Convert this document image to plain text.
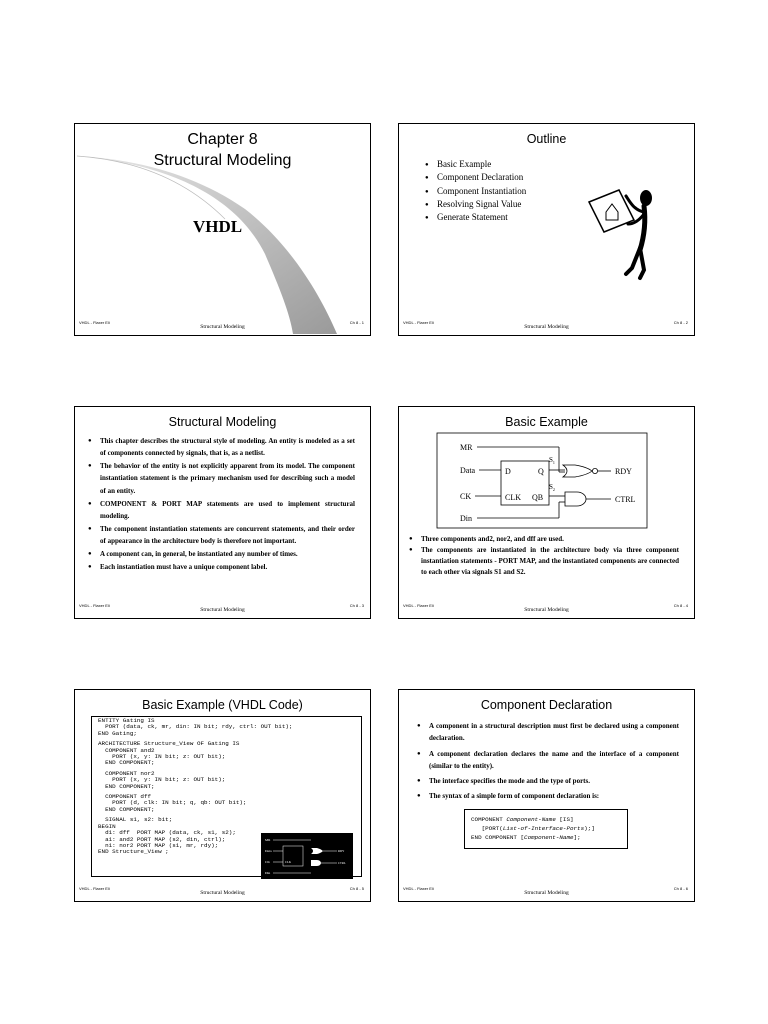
Chapter 8
Structural Modeling
VHDL
VHDL - Flaxer Eli
Structural Modeling
Ch 8 - 1
Outline
● Basic Example
● Component Declaration
● Component Instantiation
● Resolving Signal Value
● Generate Statement
VHDL - Flaxer Eli
Structural Modeling
Ch 8 - 2
Structural Modeling
● This chapter describes the structural style of modeling. An entity is modeled as a set of components connected by signals, that is, as a netlist.
● The behavior of the entity is not explicitly apparent from its model. The component instantiation statement is the primary mechanism used for describing such a model of an entity.
● COMPONENT & PORT MAP statements are used to implement structural modeling.
● The component instantiation statements are concurrent statements, and their order of appearance in the architecture body is therefore not important.
● A component can, in general, be instantiated any number of times.
● Each instantiation must have a unique component label.
VHDL - Flaxer Eli
Structural Modeling
Ch 8 - 3
Basic Example
MR
Data
CK
Din
D	Q
CLK QB
$S_1$
$S_2$
RDY
CTRL
● Three components and2, nor2, and dff are used.
● The components are instantiated in the architecture body via three component instantiation statements - PORT MAP, and the instantiated components are connected to each other via signals S1 and S2.
VHDL - Flaxer Eli
Structural Modeling
Ch 8 - 4
Basic Example (VHDL Code)
ENTITY Gating IS
PORT (data, ck, mr, din: IN bit; rdy, ctrl: OUT bit);
END Gating;
ARCHITECTURE Structure_View OF Gating IS
COMPONENT and2
PORT (x, y: IN bit; z: OUT bit);
END COMPONENT;
COMPONENT nor2
PORT (x, y: IN bit; z: OUT bit);
END COMPONENT;
COMPONENT dff
PORT (d, clk: IN bit; q, qb: OUT bit);
END COMPONENT;
SIGNAL s1, s2: bit;
BEGIN
d1: dff  PORT MAP (data, ck, s1, s2);
a1: and2 PORT MAP (s2, din, ctrl);
n1: nor2 PORT MAP (s1, mr, rdy);
END Structure_View ;
MR
Data
CK
Din
CLK
RDY
CTRL
VHDL - Flaxer Eli
Structural Modeling
Ch 8 - 5
Component Declaration
● A component in a structural description must first be declared using a component declaration.
● A component declaration declares the name and the interface of a component (similar to the entity).
● The interface specifies the mode and the type of ports.
● The syntax of a simple form of component declaration is:
COMPONENT Component-Name [IS]
[PORT(List-of-Interface-Ports);]
END COMPONENT [Component-Name];
VHDL - Flaxer Eli
Structural Modeling
Ch 8 - 6
